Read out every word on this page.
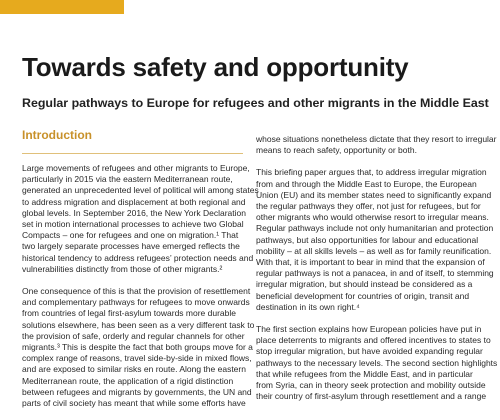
Towards safety and opportunity
Regular pathways to Europe for refugees and other migrants in the Middle East
Introduction

Large movements of refugees and other migrants to Europe,
particularly in 2015 via the eastern Mediterranean route,
generated an unprecedented level of political will among states
to address migration and displacement at both regional and
global levels. In September 2016, the New York Declaration
set in motion international processes to achieve two Global
Compacts – one for refugees and one on migration.¹ That
two largely separate processes have emerged reflects the
historical tendency to address refugees’ protection needs and
vulnerabilities distinctly from those of other migrants.²

One consequence of this is that the provision of resettlement
and complementary pathways for refugees to move onwards
from countries of legal first-asylum towards more durable
solutions elsewhere, has been seen as a very different task to
the provision of safe, orderly and regular channels for other
migrants.³ This is despite the fact that both groups move for a
complex range of reasons, travel side-by-side in mixed flows,
and are exposed to similar risks en route. Along the eastern
Mediterranean route, the application of a rigid distinction
between refugees and migrants by governments, the UN and
parts of civil society has meant that while some efforts have

whose situations nonetheless dictate that they resort to irregular
means to reach safety, opportunity or both.

This briefing paper argues that, to address irregular migration
from and through the Middle East to Europe, the European
Union (EU) and its member states need to significantly expand
the regular pathways they offer, not just for refugees, but for
other migrants who would otherwise resort to irregular means.
Regular pathways include not only humanitarian and protection
pathways, but also opportunities for labour and educational
mobility – at all skills levels – as well as for family reunification.
With that, it is important to bear in mind that the expansion of
regular pathways is not a panacea, in and of itself, to stemming
irregular migration, but should instead be considered as a
beneficial development for countries of origin, transit and
destination in its own right.⁴

The first section explains how European policies have put in
place deterrents to migrants and offered incentives to states to
stop irregular migration, but have avoided expanding regular
pathways to the necessary levels. The second section highlights
that while refugees from the Middle East, and in particular
from Syria, can in theory seek protection and mobility outside
their country of first-asylum through resettlement and a range
